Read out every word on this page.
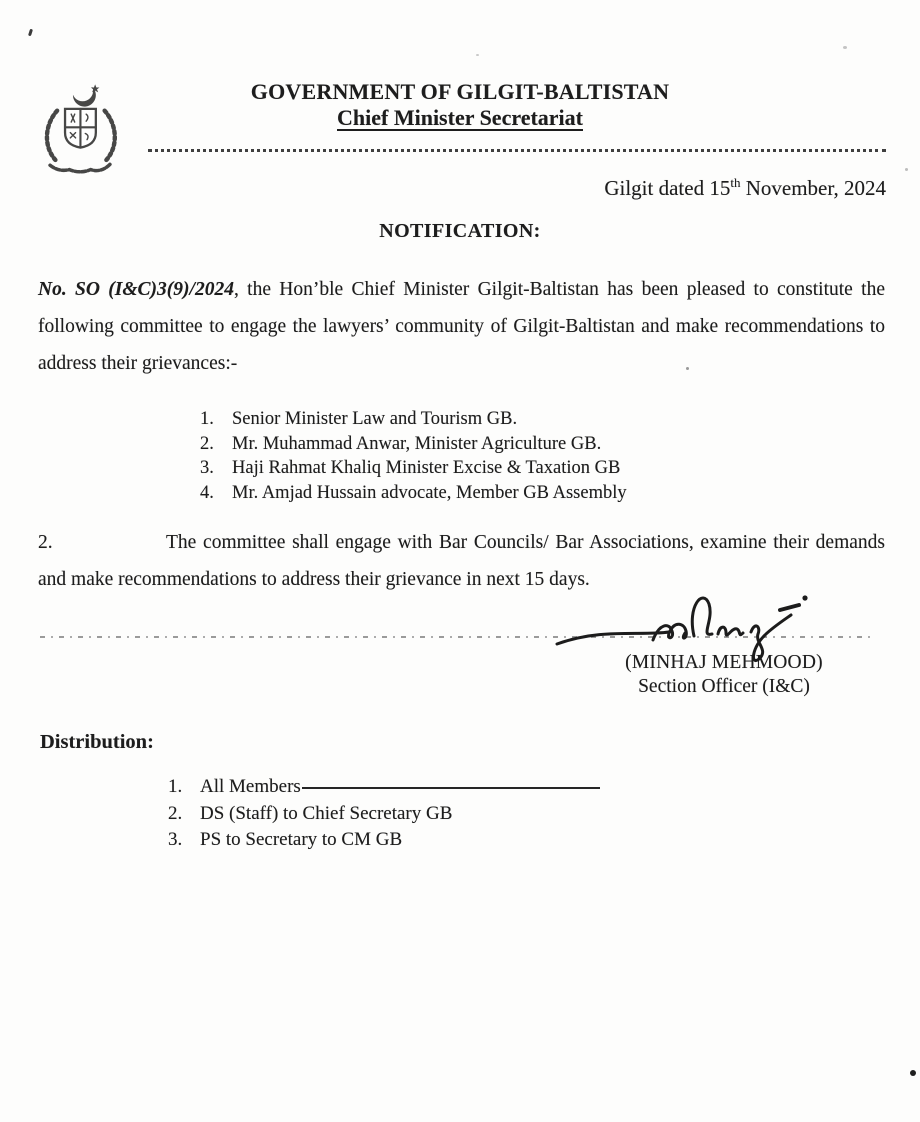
GOVERNMENT OF GILGIT-BALTISTAN
Chief Minister Secretariat
Gilgit dated 15th November, 2024
NOTIFICATION:
No. SO (I&C)3(9)/2024, the Hon’ble Chief Minister Gilgit-Baltistan has been pleased to constitute the following committee to engage the lawyers’ community of Gilgit-Baltistan and make recommendations to address their grievances:-
1. Senior Minister Law and Tourism GB.
2. Mr. Muhammad Anwar, Minister Agriculture GB.
3. Haji Rahmat Khaliq Minister Excise & Taxation GB
4. Mr. Amjad Hussain advocate, Member GB Assembly
2.	The committee shall engage with Bar Councils/ Bar Associations, examine their demands and make recommendations to address their grievance in next 15 days.

(MINHAJ MEHMOOD)
Section Officer (I&C)
Distribution:
1. All Members
2. DS (Staff) to Chief Secretary GB
3. PS to Secretary to CM GB
